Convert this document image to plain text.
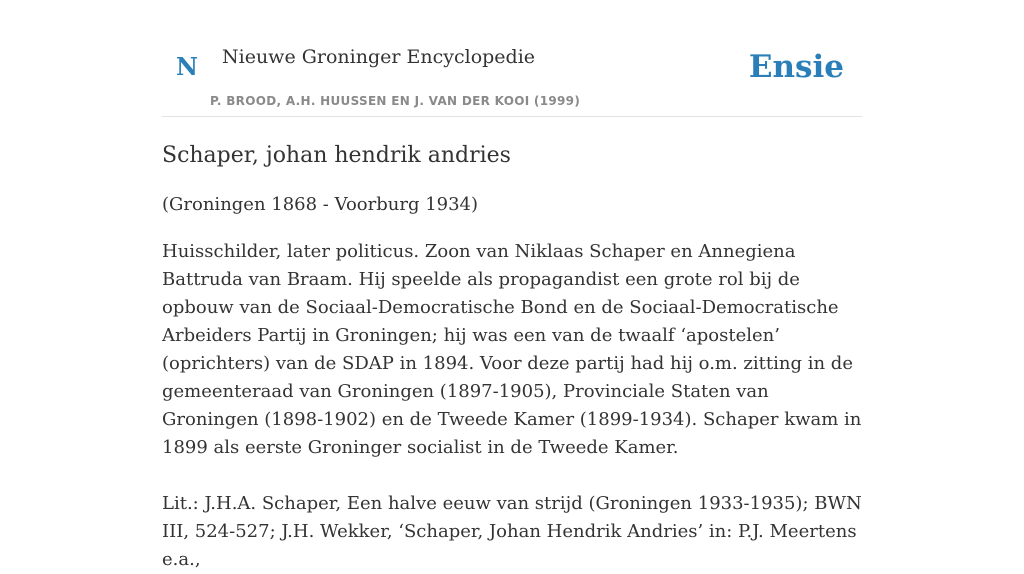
N Nieuwe Groninger Encyclopedie
P. BROOD, A.H. HUUSSEN EN J. VAN DER KOOI (1999)
Ensie
Schaper, johan hendrik andries

(Groningen 1868 - Voorburg 1934)

Huisschilder, later politicus. Zoon van Niklaas Schaper en Annegiena Battruda van Braam. Hij speelde als propagandist een grote rol bij de opbouw van de Sociaal-Democratische Bond en de Sociaal-Democratische Arbeiders Partij in Groningen; hij was een van de twaalf ‘apostelen’ (oprichters) van de SDAP in 1894. Voor deze partij had hij o.m. zitting in de gemeenteraad van Groningen (1897-1905), Provinciale Staten van Groningen (1898-1902) en de Tweede Kamer (1899-1934). Schaper kwam in 1899 als eerste Groninger socialist in de Tweede Kamer.

Lit.: J.H.A. Schaper, Een halve eeuw van strijd (Groningen 1933-1935); BWN III, 524-527; J.H. Wekker, ‘Schaper, Johan Hendrik Andries’ in: P.J. Meertens e.a.,
